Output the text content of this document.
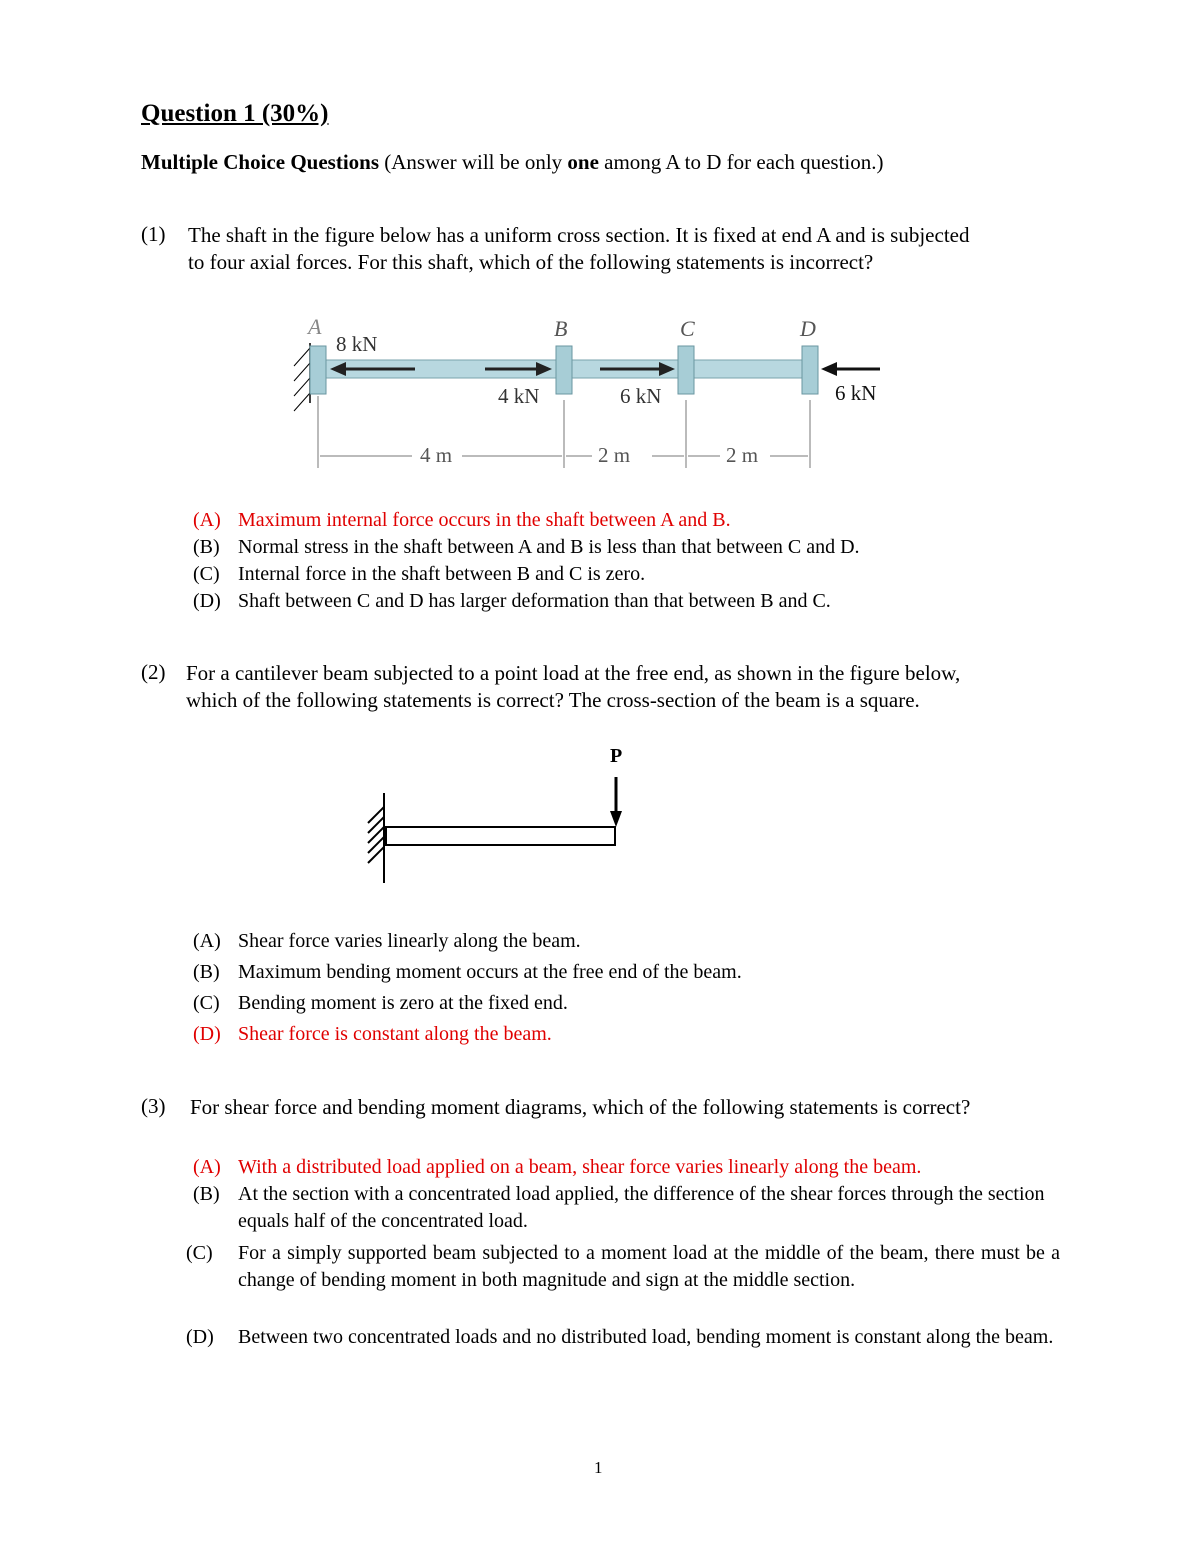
Question 1 (30%)
Multiple Choice Questions (Answer will be only one among A to D for each question.)
(1) The shaft in the figure below has a uniform cross section. It is fixed at end A and is subjected
to four axial forces. For this shaft, which of the following statements is incorrect?
A	B	C	D
8 kN
4 kN	6 kN	6 kN
4 m	2 m	2 m
(A) Maximum internal force occurs in the shaft between A and B.
(B) Normal stress in the shaft between A and B is less than that between C and D.
(C) Internal force in the shaft between B and C is zero.
(D) Shaft between C and D has larger deformation than that between B and C.
(2) For a cantilever beam subjected to a point load at the free end, as shown in the figure below,
which of the following statements is correct? The cross-section of the beam is a square.
P
(A) Shear force varies linearly along the beam.
(B) Maximum bending moment occurs at the free end of the beam.
(C) Bending moment is zero at the fixed end.
(D) Shear force is constant along the beam.
(3) For shear force and bending moment diagrams, which of the following statements is correct?
(A) With a distributed load applied on a beam, shear force varies linearly along the beam.
(B) At the section with a concentrated load applied, the difference of the shear forces through the section equals half of the concentrated load.
(C)	For a simply supported beam subjected to a moment load at the middle of the beam, there must be a change of bending moment in both magnitude and sign at the middle section.
(D)	Between two concentrated loads and no distributed load, bending moment is constant along the beam.
1
